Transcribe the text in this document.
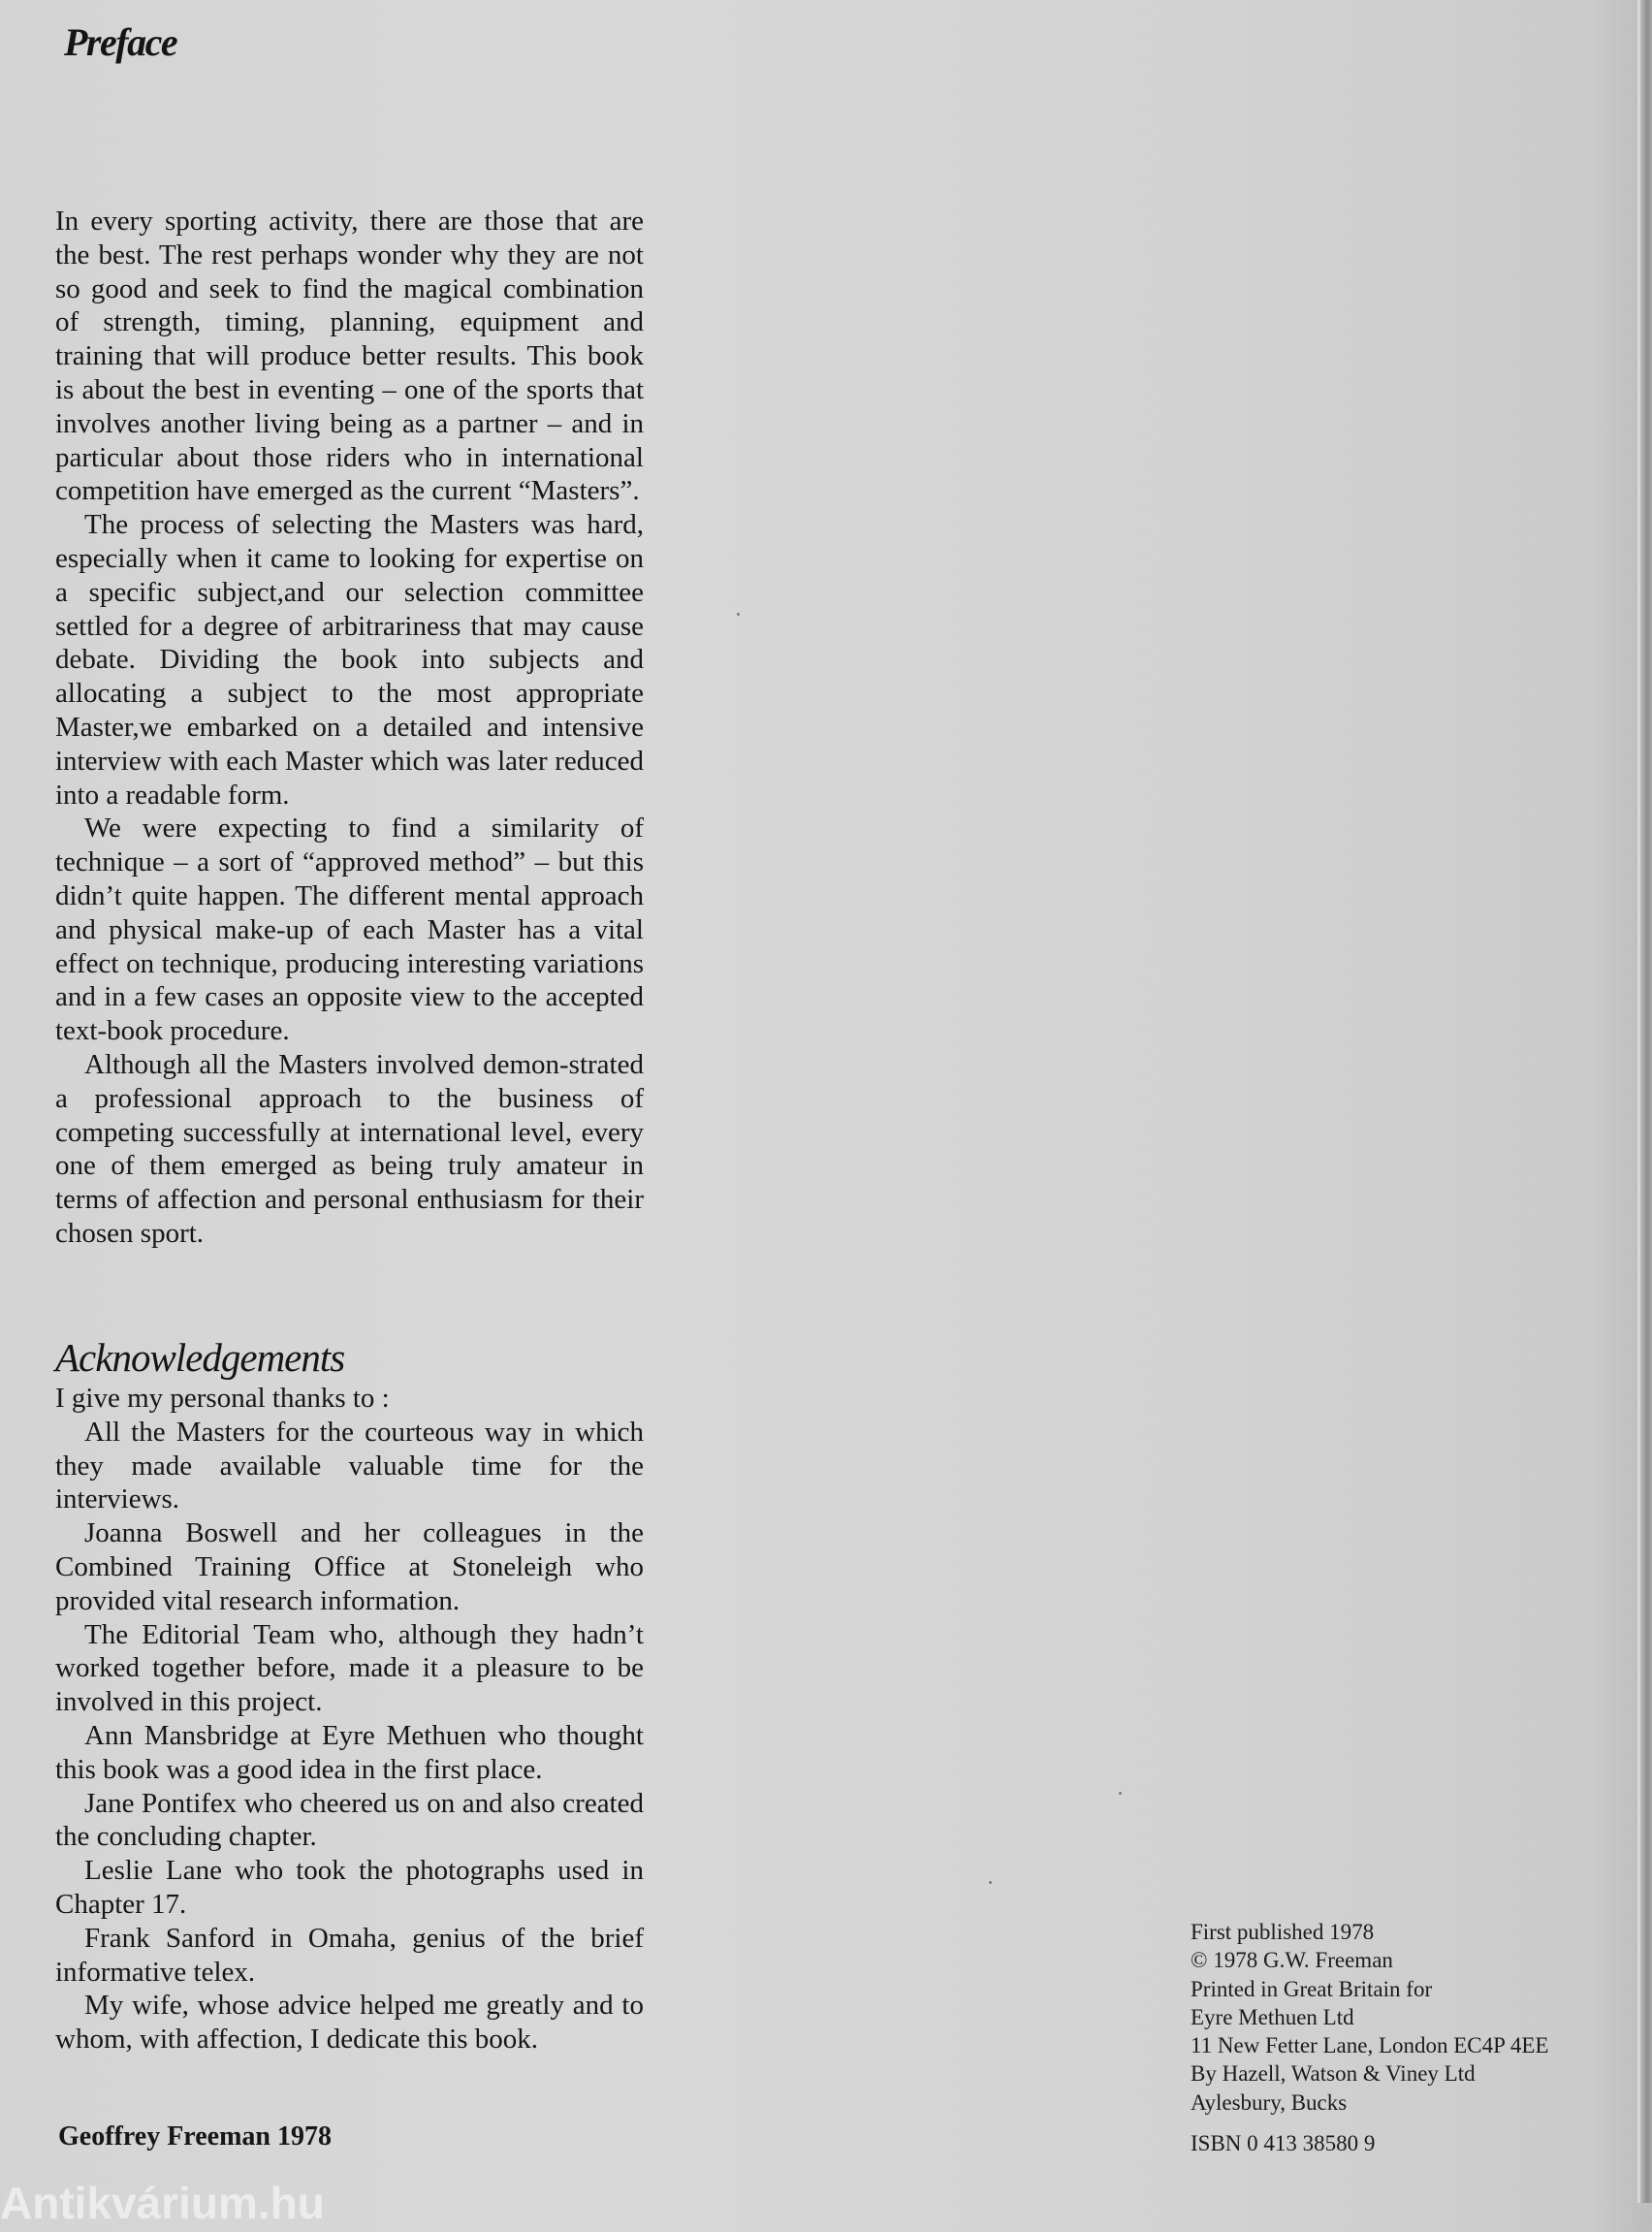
Preface

In every sporting activity, there are those that are the best. The rest perhaps wonder why they are not so good and seek to find the magical combination of strength, timing, planning, equipment and training that will produce better results. This book is about the best in eventing – one of the sports that involves another living being as a partner – and in particular about those riders who in international competition have emerged as the current “Masters”.

The process of selecting the Masters was hard, especially when it came to looking for expertise on a specific subject,and our selection committee settled for a degree of arbitrariness that may cause debate. Dividing the book into subjects and allocating a subject to the most appropriate Master,we embarked on a detailed and intensive interview with each Master which was later reduced into a readable form.

We were expecting to find a similarity of technique – a sort of “approved method” – but this didn’t quite happen. The different mental approach and physical make-up of each Master has a vital effect on technique, producing interesting variations and in a few cases an opposite view to the accepted text-book procedure.

Although all the Masters involved demon-strated a professional approach to the business of competing successfully at international level, every one of them emerged as being truly amateur in terms of affection and personal enthusiasm for their chosen sport.

Acknowledgements

I give my personal thanks to :

All the Masters for the courteous way in which they made available valuable time for the interviews.

Joanna Boswell and her colleagues in the Combined Training Office at Stoneleigh who provided vital research information.

The Editorial Team who, although they hadn’t worked together before, made it a pleasure to be involved in this project.

Ann Mansbridge at Eyre Methuen who thought this book was a good idea in the first place.

Jane Pontifex who cheered us on and also created the concluding chapter.

Leslie Lane who took the photographs used in Chapter 17.

Frank Sanford in Omaha, genius of the brief informative telex.

My wife, whose advice helped me greatly and to whom, with affection, I dedicate this book.

Geoffrey Freeman 1978

First published 1978
© 1978 G.W. Freeman
Printed in Great Britain for
Eyre Methuen Ltd
11 New Fetter Lane, London EC4P 4EE
By Hazell, Watson & Viney Ltd
Aylesbury, Bucks

ISBN 0 413 38580 9

Antikvárium.hu
